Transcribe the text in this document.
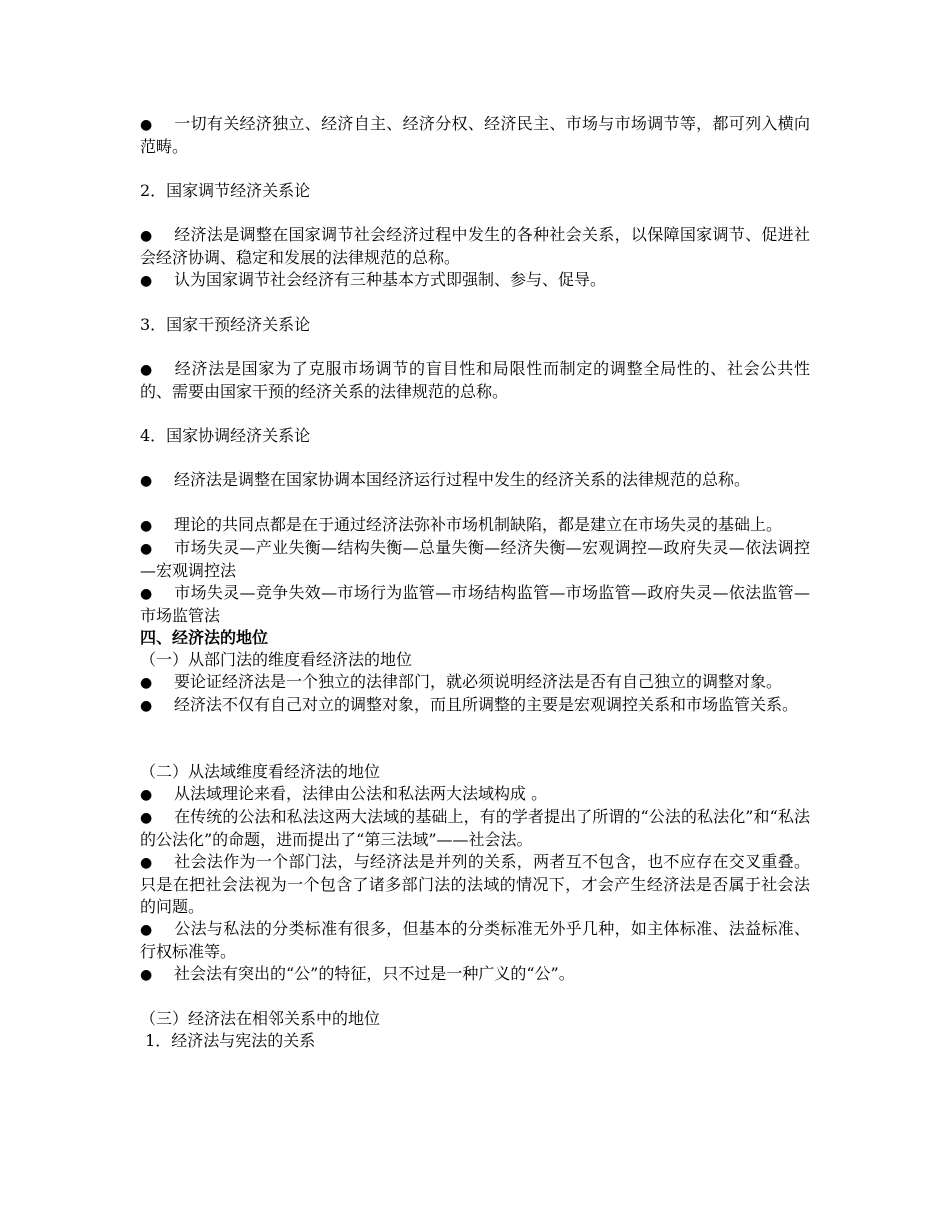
● 一切有关经济独立、经济自主、经济分权、经济民主、市场与市场调节等，都可列入横向范畴。

2．国家调节经济关系论

● 经济法是调整在国家调节社会经济过程中发生的各种社会关系，以保障国家调节、促进社会经济协调、稳定和发展的法律规范的总称。

● 认为国家调节社会经济有三种基本方式即强制、参与、促导。

3．国家干预经济关系论

● 经济法是国家为了克服市场调节的盲目性和局限性而制定的调整全局性的、社会公共性的、需要由国家干预的经济关系的法律规范的总称。

4．国家协调经济关系论

● 经济法是调整在国家协调本国经济运行过程中发生的经济关系的法律规范的总称。

● 理论的共同点都是在于通过经济法弥补市场机制缺陷，都是建立在市场失灵的基础上。

● 市场失灵—产业失衡—结构失衡—总量失衡—经济失衡—宏观调控—政府失灵—依法调控—宏观调控法

● 市场失灵—竞争失效—市场行为监管—市场结构监管—市场监管—政府失灵—依法监管—市场监管法

四、经济法的地位

（一）从部门法的维度看经济法的地位

● 要论证经济法是一个独立的法律部门，就必须说明经济法是否有自己独立的调整对象。

● 经济法不仅有自己对立的调整对象，而且所调整的主要是宏观调控关系和市场监管关系。

（二）从法域维度看经济法的地位

● 从法域理论来看，法律由公法和私法两大法域构成 。

● 在传统的公法和私法这两大法域的基础上，有的学者提出了所谓的“公法的私法化”和“私法的公法化”的命题，进而提出了“第三法域”——社会法。

● 社会法作为一个部门法，与经济法是并列的关系，两者互不包含，也不应存在交叉重叠。只是在把社会法视为一个包含了诸多部门法的法域的情况下，才会产生经济法是否属于社会法的问题。

● 公法与私法的分类标准有很多，但基本的分类标准无外乎几种，如主体标准、法益标准、行权标准等。

● 社会法有突出的“公”的特征，只不过是一种广义的“公”。

（三）经济法在相邻关系中的地位

1．经济法与宪法的关系
